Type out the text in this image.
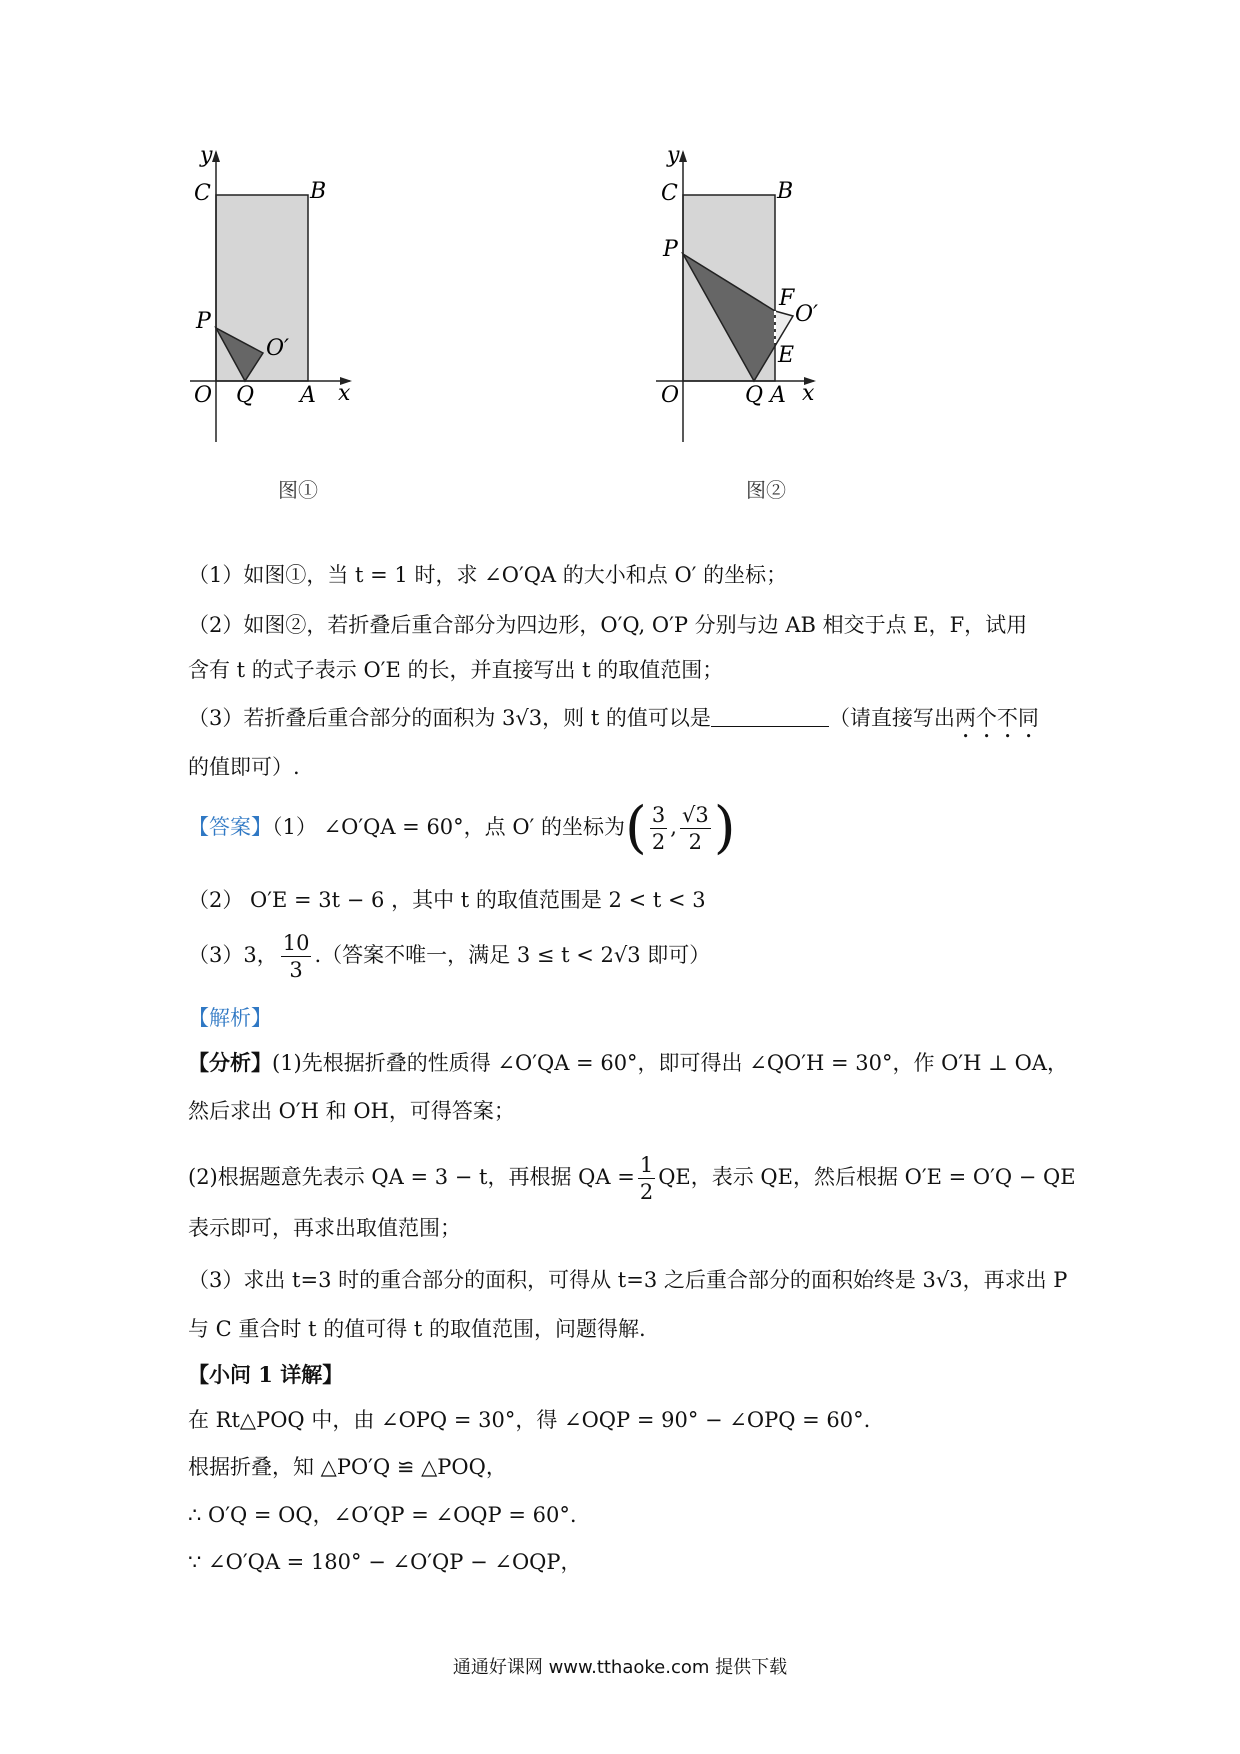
y
x
C	B
P
O′
O Q A
图①
y
x
C	B
P
F
O′
E
O	Q A
图②
（1）如图①，当 t = 1 时，求 ∠O′QA 的大小和点 O′ 的坐标；
（2）如图②，若折叠后重合部分为四边形，O′Q, O′P 分别与边 AB 相交于点 E，F，试用
含有 t 的式子表示 O′E 的长，并直接写出 t 的取值范围；
（3）若折叠后重合部分的面积为 3√3，则 t 的值可以是	（请直接写出两个不同
的值即可）.
【答案】（1） ∠O′QA = 60°，点 O′ 的坐标为( $\frac{3}{2}$ , $\frac{√3}{2}$ )
（2） O′E = 3t − 6 ，其中 t 的取值范围是 2 < t < 3
（3）3， $\frac{10}{3}$ .（答案不唯一，满足 3 ≤ t < 2√3 即可）
【解析】
【分析】(1)先根据折叠的性质得 ∠O′QA = 60°，即可得出 ∠QO′H = 30°，作 O′H ⊥ OA，
然后求出 O′H 和 OH，可得答案；
(2)根据题意先表示 QA = 3 − t，再根据 QA = $\frac{1}{2}$ QE，表示 QE，然后根据 O′E = O′Q − QE
表示即可，再求出取值范围；
（3）求出 t=3 时的重合部分的面积，可得从 t=3 之后重合部分的面积始终是 3√3，再求出 P
与 C 重合时 t 的值可得 t 的取值范围，问题得解.
【小问 1 详解】
在 Rt△POQ 中，由 ∠OPQ = 30°，得 ∠OQP = 90° − ∠OPQ = 60°.
根据折叠，知 △PO′Q ≌ △POQ，
∴ O′Q = OQ，∠O′QP = ∠OQP = 60°.
∵ ∠O′QA = 180° − ∠O′QP − ∠OQP，
通通好课网 www.tthaoke.com 提供下载
